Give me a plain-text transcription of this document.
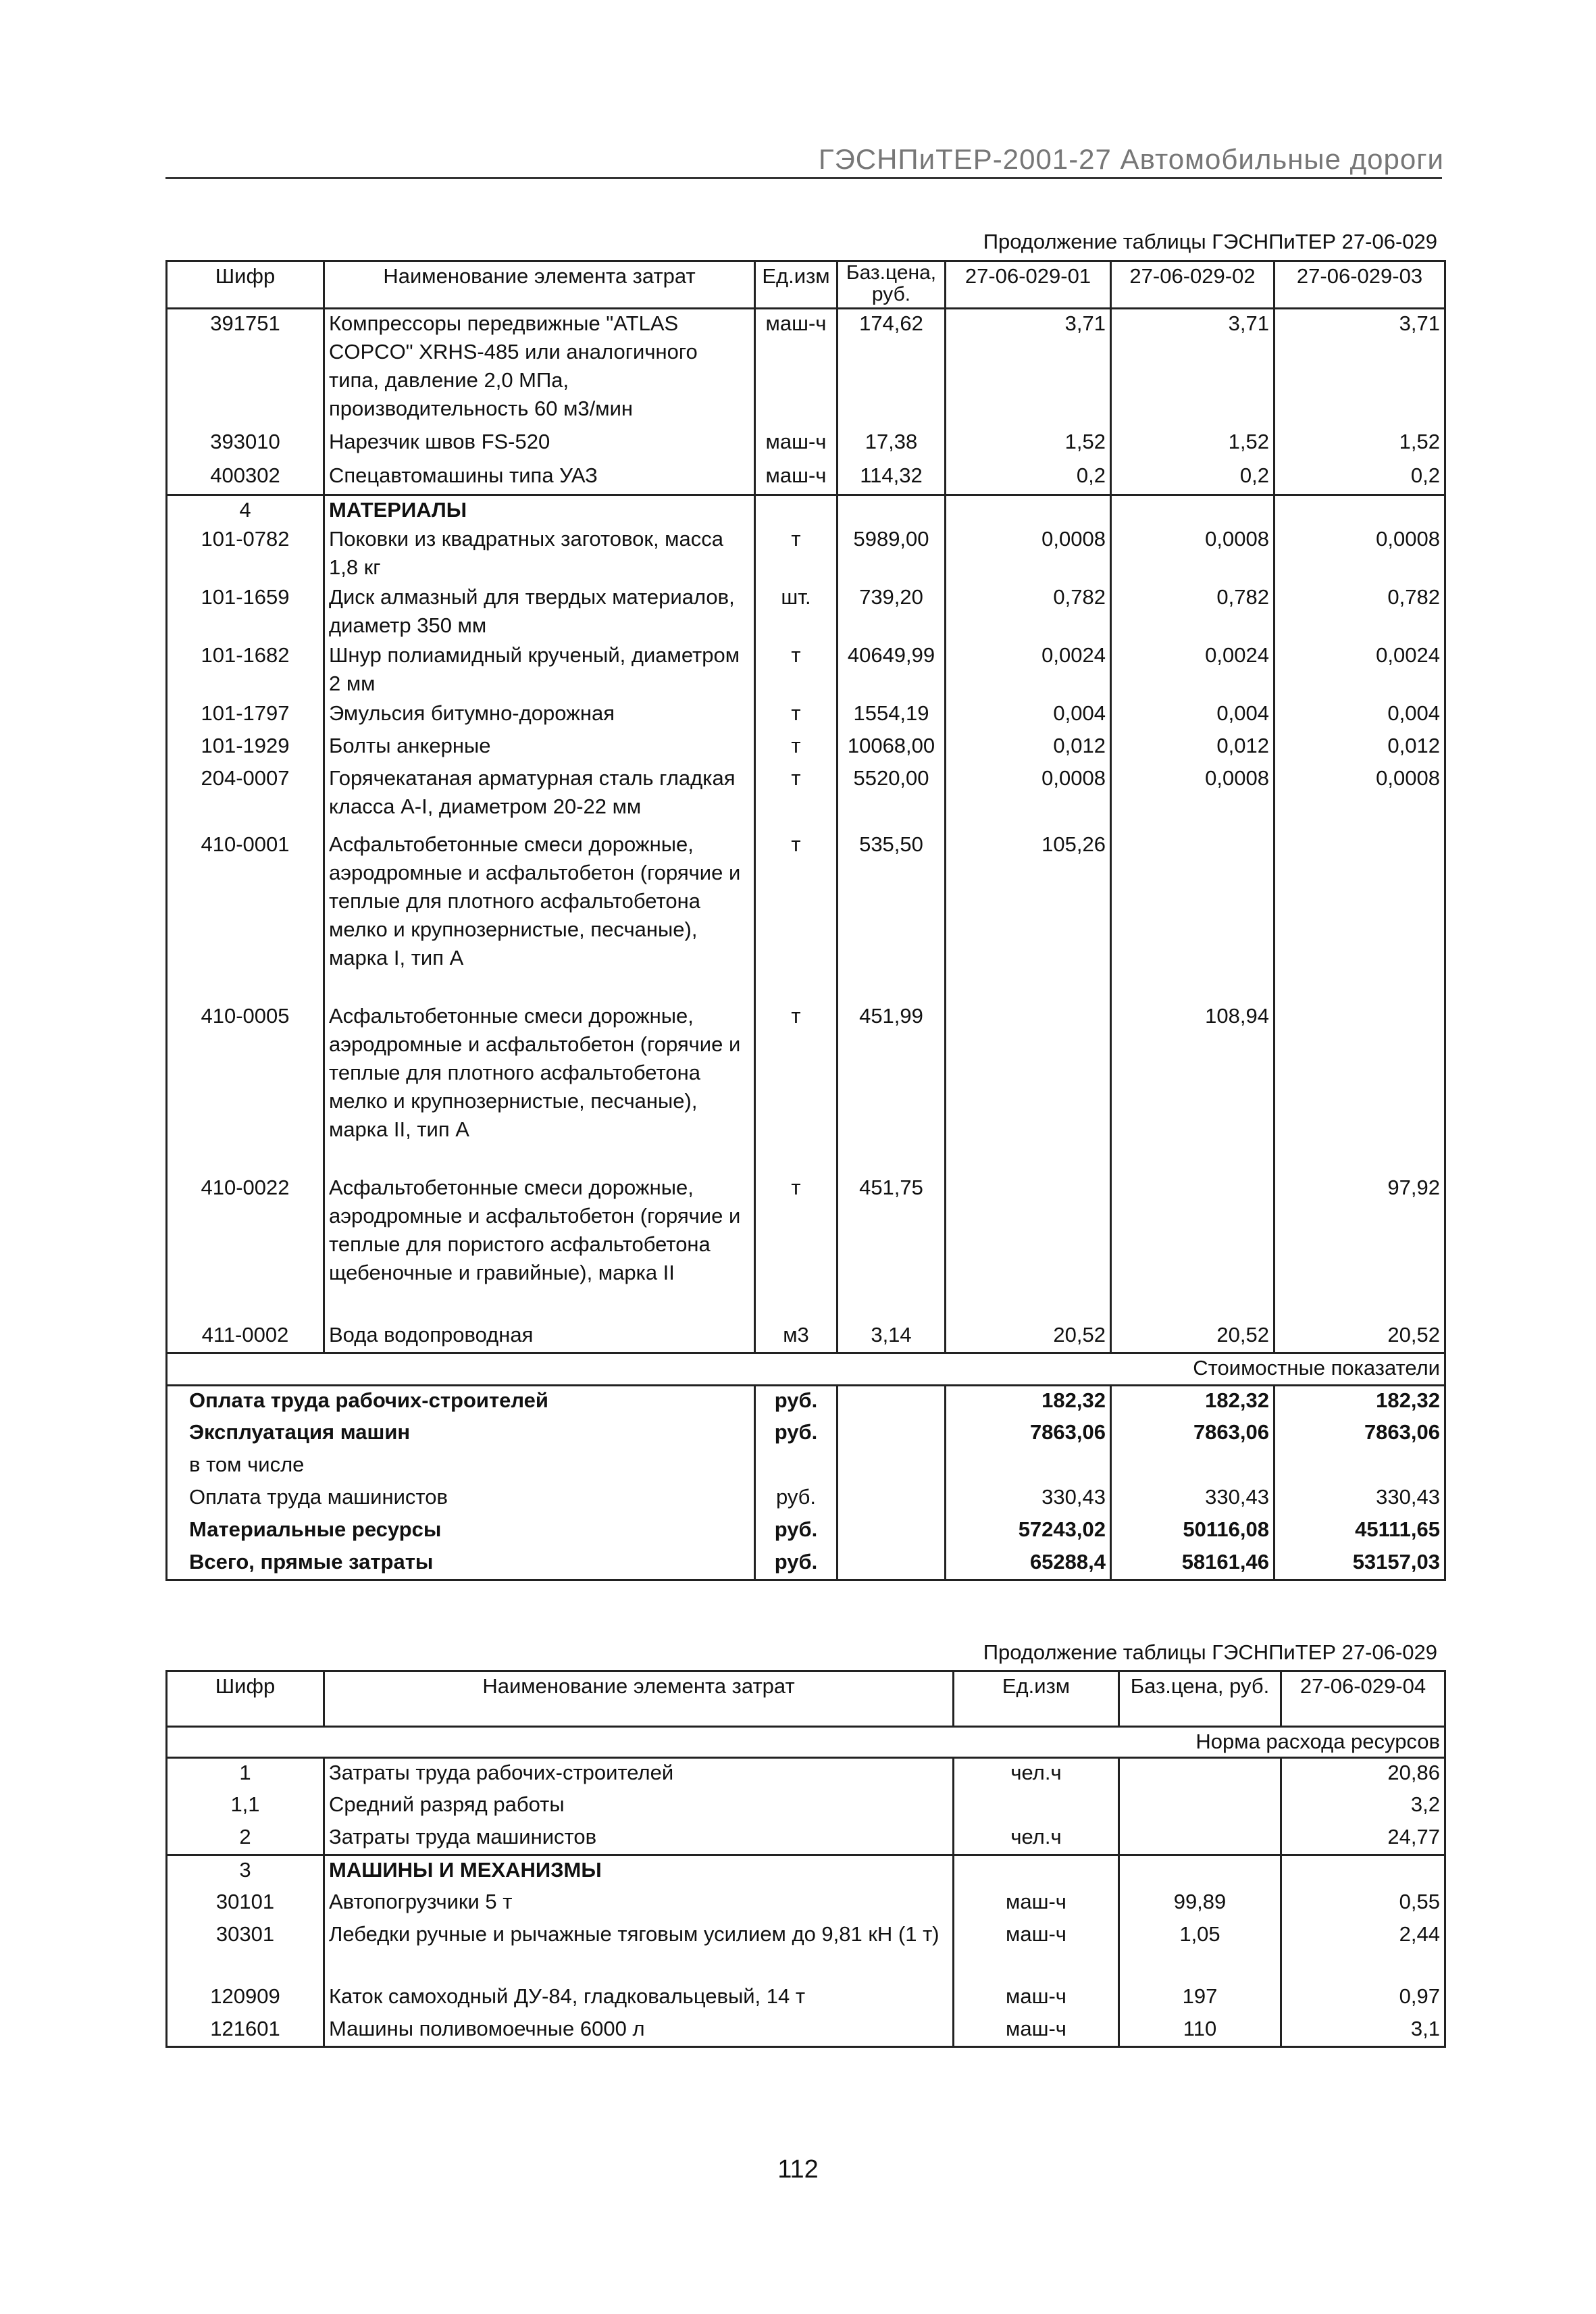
ГЭСНПиТЕР-2001-27 Автомобильные дороги
Продолжение таблицы ГЭСНПиТЕР 27-06-029
Шифр	Наименование элемента затрат	Ед.изм	Баз.цена, руб.	27-06-029-01	27-06-029-02	27-06-029-03
391751	Компрессоры передвижные "ATLAS COPCO" XRHS-485 или аналогичного типа, давление 2,0 МПа, производительность 60 м3/мин	маш-ч	174,62	3,71	3,71	3,71
393010	Нарезчик швов FS-520	маш-ч	17,38	1,52	1,52	1,52
400302	Спецавтомашины типа УАЗ	маш-ч	114,32	0,2	0,2	0,2
4	МАТЕРИАЛЫ					
101-0782	Поковки из квадратных заготовок, масса 1,8 кг	т	5989,00	0,0008	0,0008	0,0008
101-1659	Диск алмазный для твердых материалов, диаметр 350 мм	шт.	739,20	0,782	0,782	0,782
101-1682	Шнур полиамидный крученый, диаметром 2 мм	т	40649,99	0,0024	0,0024	0,0024
101-1797	Эмульсия битумно-дорожная	т	1554,19	0,004	0,004	0,004
101-1929	Болты анкерные	т	10068,00	0,012	0,012	0,012
204-0007	Горячекатаная арматурная сталь гладкая класса А-I, диаметром 20-22 мм	т	5520,00	0,0008	0,0008	0,0008
410-0001	Асфальтобетонные смеси дорожные, аэродромные и асфальтобетон (горячие и теплые для плотного асфальтобетона мелко и крупнозернистые, песчаные), марка I, тип А	т	535,50	105,26		
410-0005	Асфальтобетонные смеси дорожные, аэродромные и асфальтобетон (горячие и теплые для плотного асфальтобетона мелко и крупнозернистые, песчаные), марка II, тип А	т	451,99		108,94	
410-0022	Асфальтобетонные смеси дорожные, аэродромные и асфальтобетон (горячие и теплые для пористого асфальтобетона щебеночные и гравийные), марка II	т	451,75			97,92
411-0002	Вода водопроводная	м3	3,14	20,52	20,52	20,52
Стоимостные показатели						
Оплата труда рабочих-строителей		руб.		182,32	182,32	182,32
Эксплуатация машин		руб.		7863,06	7863,06	7863,06
в том числе						
Оплата труда машинистов		руб.		330,43	330,43	330,43
Материальные ресурсы		руб.		57243,02	50116,08	45111,65
Всего, прямые затраты		руб.		65288,4	58161,46	53157,03
Продолжение таблицы ГЭСНПиТЕР 27-06-029
Шифр	Наименование элемента затрат	Ед.изм	Баз.цена, руб.	27-06-029-04
Норма расхода ресурсов				
1	Затраты труда рабочих-строителей	чел.ч		20,86
1,1	Средний разряд работы			3,2
2	Затраты труда машинистов	чел.ч		24,77
3	МАШИНЫ И МЕХАНИЗМЫ			
30101	Автопогрузчики 5 т	маш-ч	99,89	0,55
30301	Лебедки ручные и рычажные тяговым усилием до 9,81 кН (1 т)	маш-ч	1,05	2,44
120909	Каток самоходный ДУ-84, гладковальцевый, 14 т	маш-ч	197	0,97
121601	Машины поливомоечные 6000 л	маш-ч	110	3,1
112
